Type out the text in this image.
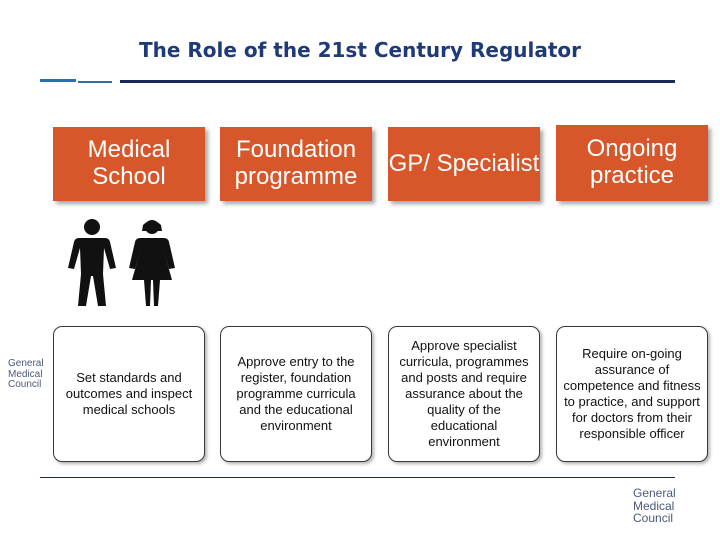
The Role of the 21st Century Regulator
Medical School
Foundation programme	GP/ Specialist
Ongoing practice
Set standards and outcomes and inspect medical schools
Approve entry to the register, foundation programme curricula and the educational environment
Approve specialist curricula, programmes and posts and require assurance about the quality of the educational environment
Require on-going assurance of competence and fitness to practice, and support for doctors from their responsible officer
General
Medical
Council
General
Medical
Council
